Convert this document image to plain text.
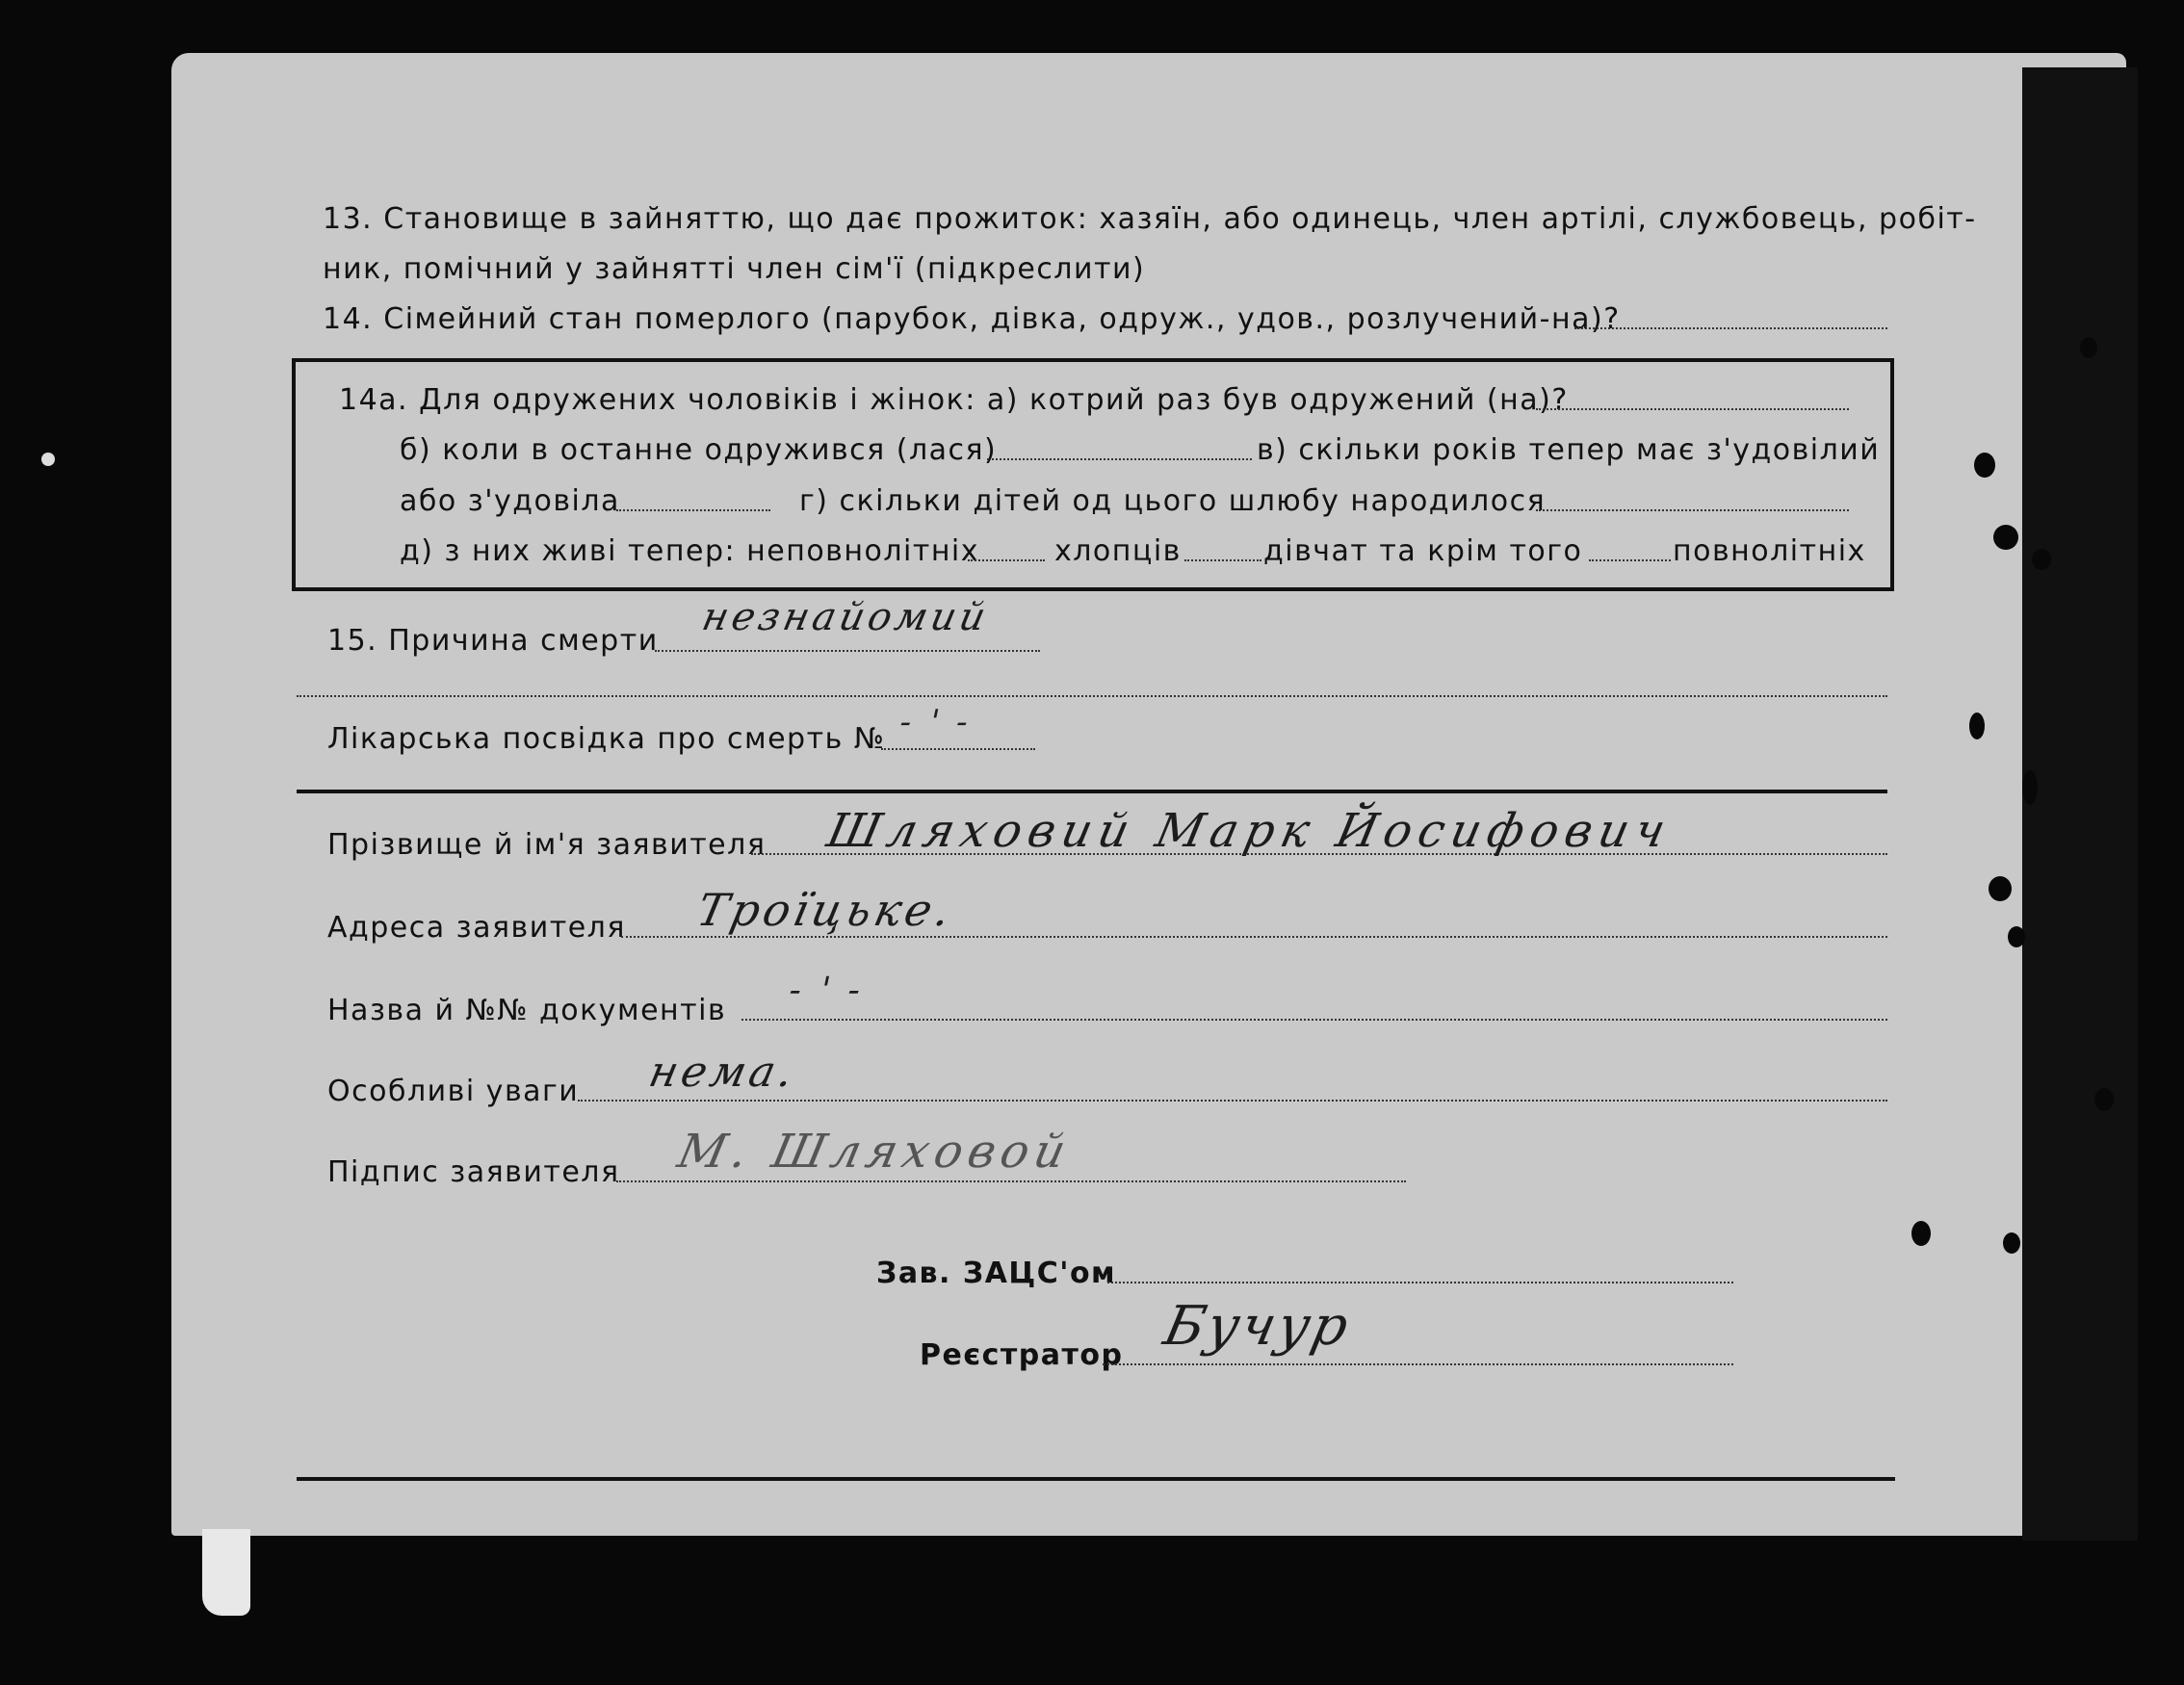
13. Становище в зайняттю, що дає прожиток: хазяїн, або одинець, член артілі, службовець, робіт-
ник, помічний у зайнятті член сім'ї (підкреслити)
14. Сімейний стан померлого (парубок, дівка, одруж., удов., розлучений-на)?
14а. Для одружених чоловіків і жінок: а) котрий раз був одружений (на)?
б) коли в останне одружився (лася)	в) скільки років тепер має з'удовілий
або з'удовіла	г) скільки дітей од цього шлюбу народилося
д) з них живі тепер: неповнолітніх	хлопців	дівчат та крім того	повнолітніх
15. Причина смерти
незнайомий
Лікарська посвідка про смерть № - ' -
Прізвище й ім'я заявителя Шляховий Марк Йосифович
Адреса заявителя Троїцьке.
Назва й №№ документів
- ' -
Особливі уваги нема.
Підпис заявителя М. Шляховой
Зав. ЗАЦС'ом
Реєстратор Бучур
